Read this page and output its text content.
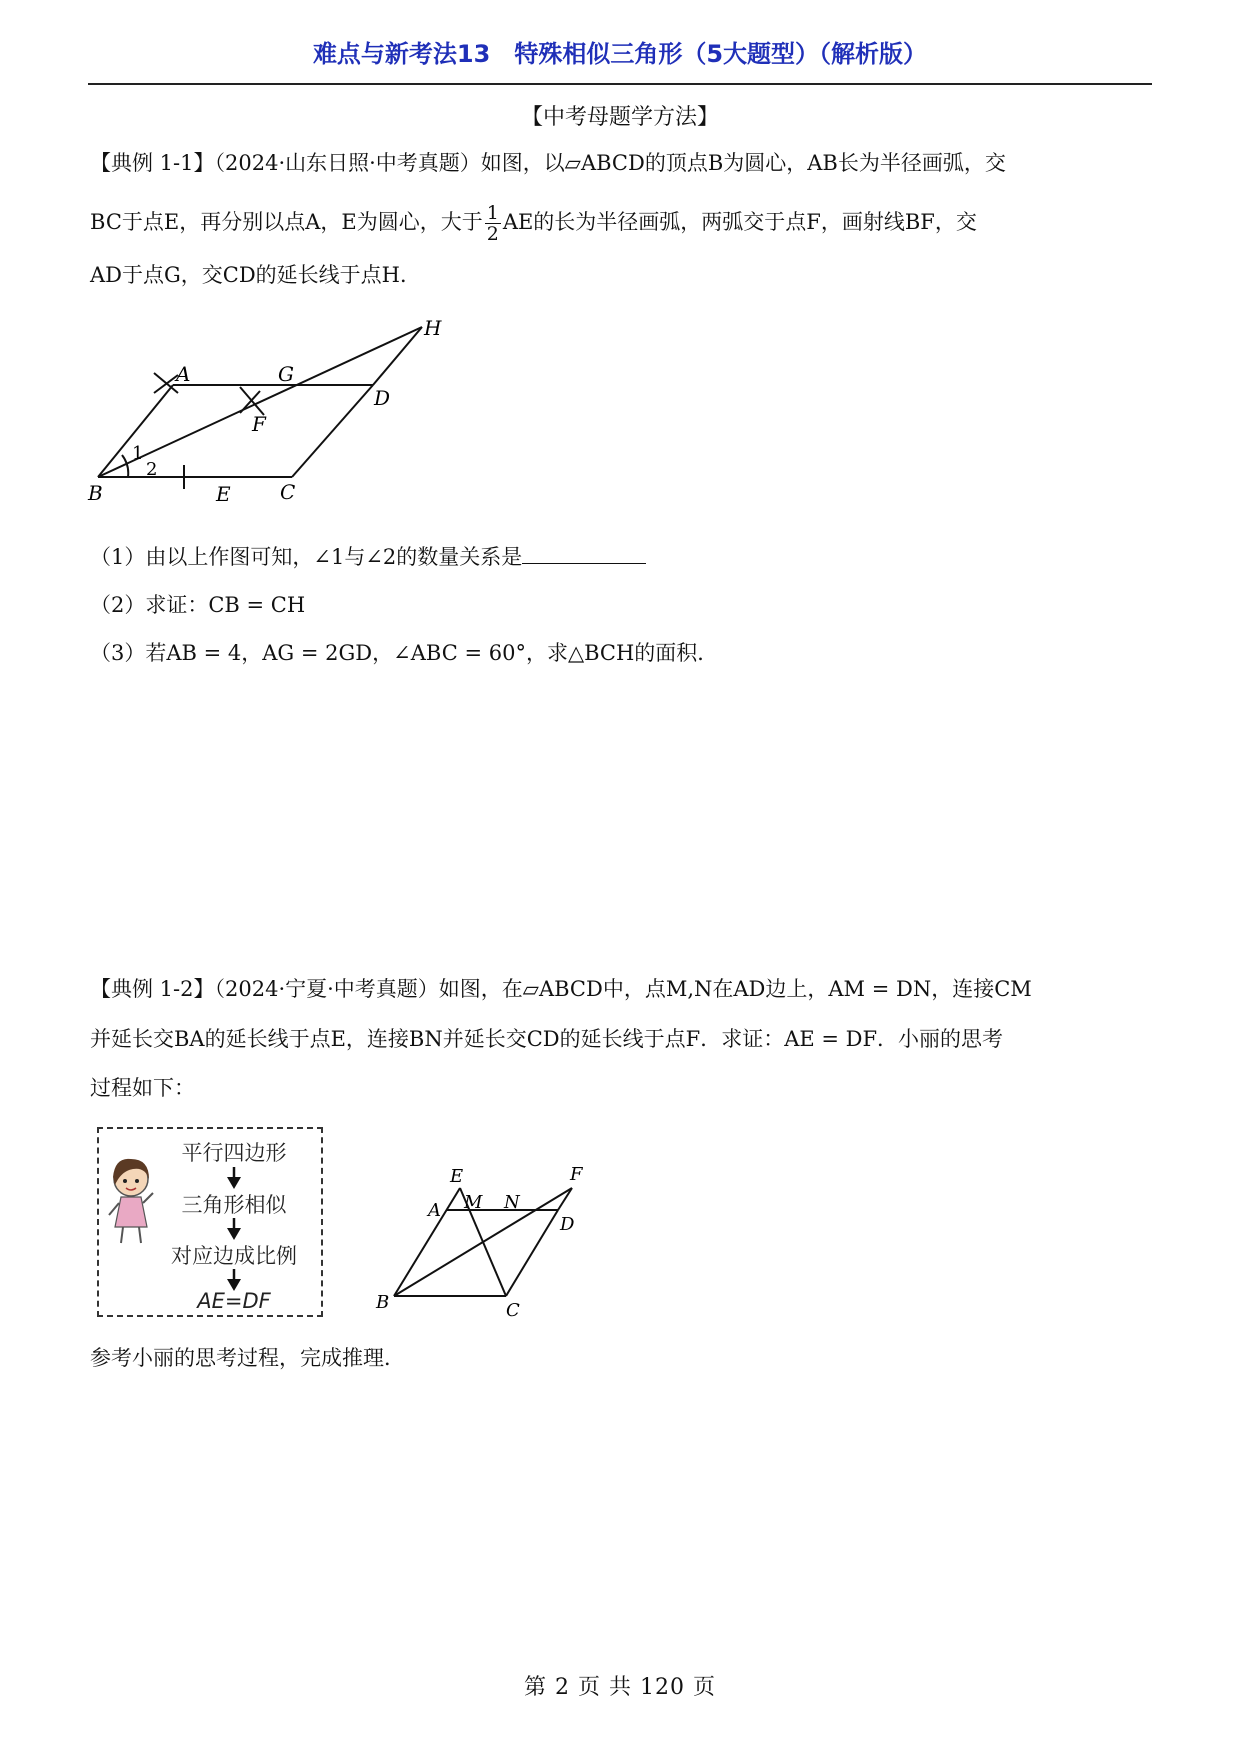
难点与新考法13　特殊相似三角形（5大题型）（解析版）
【中考母题学方法】
【典例 1-1】（2024·山东日照·中考真题）如图，以▱ABCD的顶点B为圆心，AB长为半径画弧，交
BC于点E，再分别以点A，E为圆心，大于 $\frac{1}{2}$ AE的长为半径画弧，两弧交于点F，画射线BF，交
AD于点G，交CD的延长线于点H．
A	G
H
D
F
B	E C
1
2
（1）由以上作图可知，∠1与∠2的数量关系是
（2）求证：CB = CH
（3）若AB = 4，AG = 2GD，∠ABC = 60°，求△BCH的面积．
【典例 1-2】（2024·宁夏·中考真题）如图，在▱ABCD中，点M,N在AD边上，AM = DN，连接CM
并延长交BA的延长线于点E，连接BN并延长交CD的延长线于点F．求证：AE = DF．小丽的思考
过程如下：
平行四边形
三角形相似
对应边成比例
AE=DF
E	F
A M N
D
B	C
参考小丽的思考过程，完成推理．
第 2 页 共 120 页
